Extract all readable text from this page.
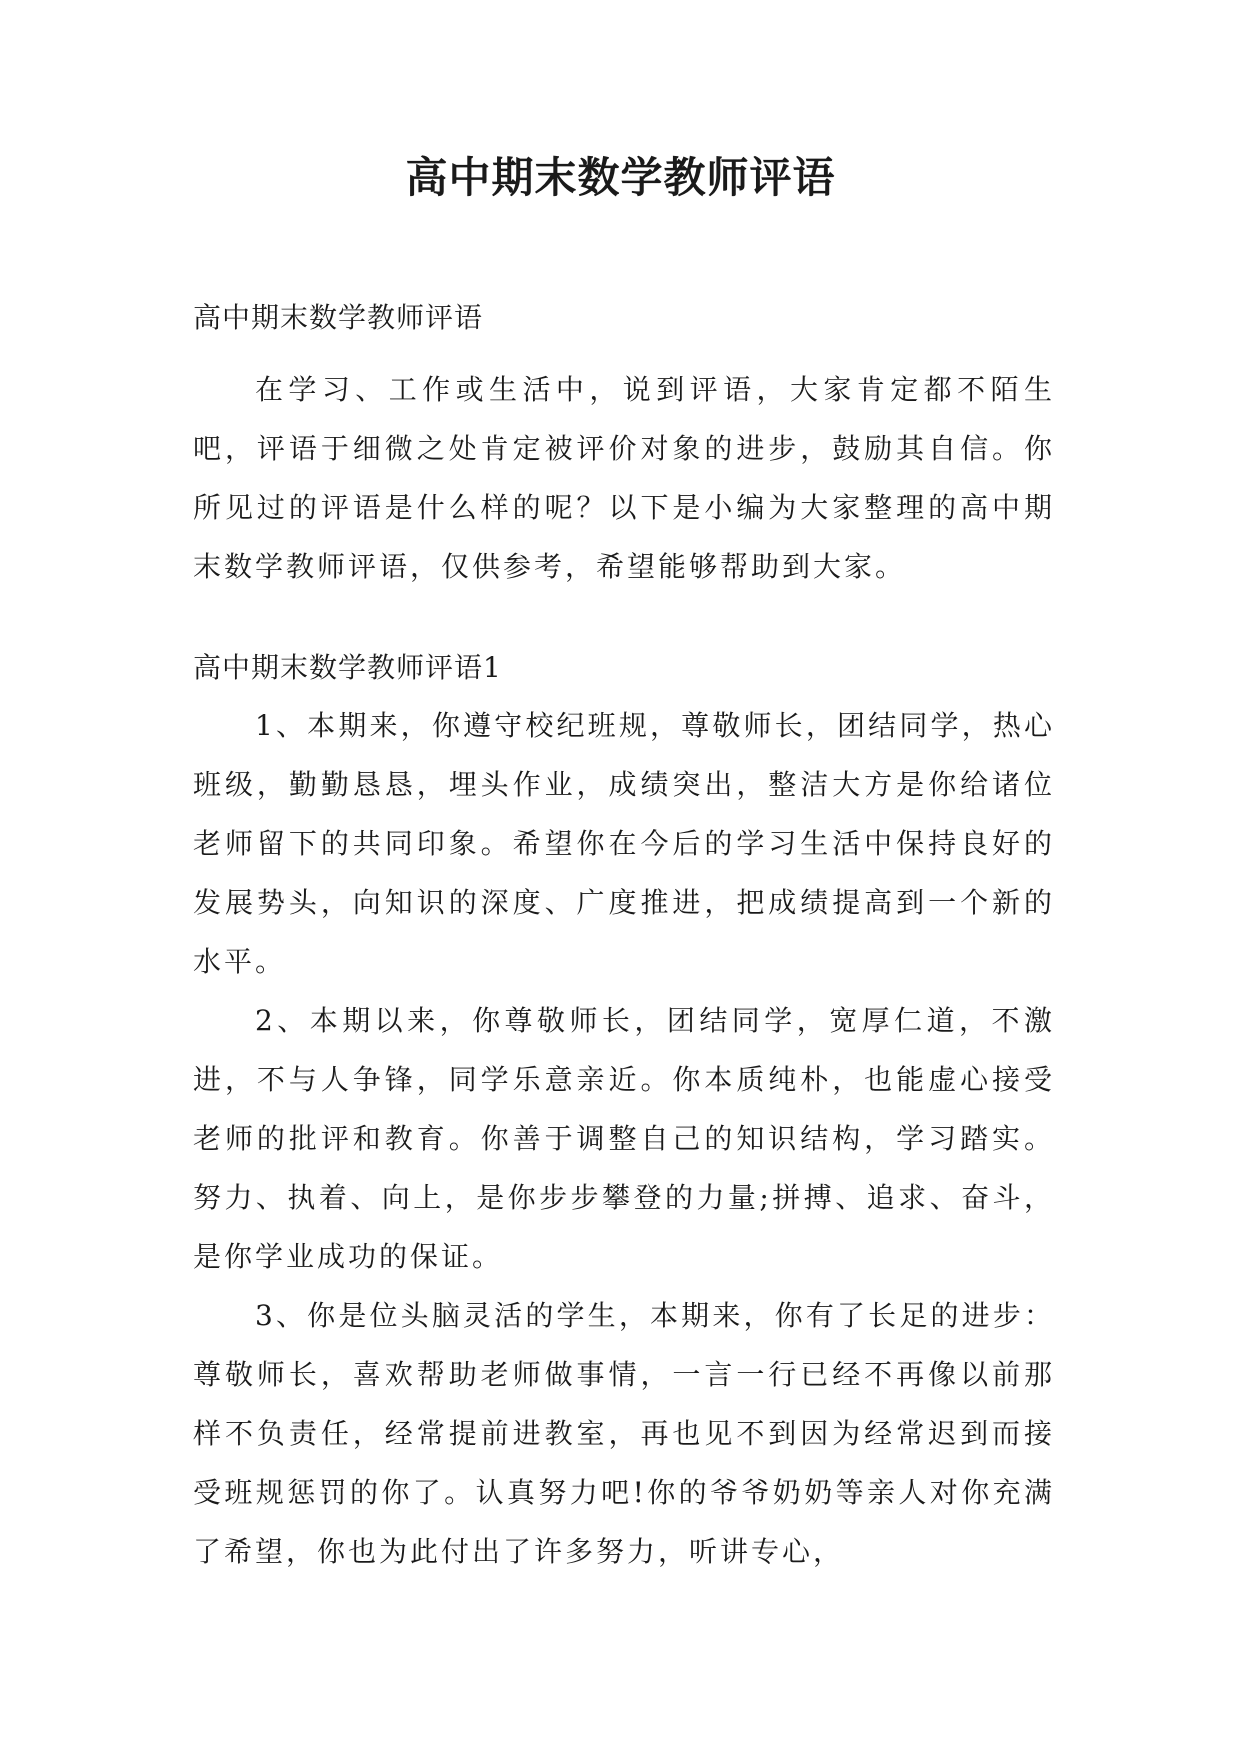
高中期末数学教师评语
高中期末数学教师评语

在学习、工作或生活中，说到评语，大家肯定都不陌生吧，评语于细微之处肯定被评价对象的进步，鼓励其自信。你所见过的评语是什么样的呢？以下是小编为大家整理的高中期末数学教师评语，仅供参考，希望能够帮助到大家。

高中期末数学教师评语1

1、本期来，你遵守校纪班规，尊敬师长，团结同学，热心班级，勤勤恳恳，埋头作业，成绩突出，整洁大方是你给诸位老师留下的共同印象。希望你在今后的学习生活中保持良好的发展势头，向知识的深度、广度推进，把成绩提高到一个新的水平。

2、本期以来，你尊敬师长，团结同学，宽厚仁道，不激进，不与人争锋，同学乐意亲近。你本质纯朴，也能虚心接受老师的批评和教育。你善于调整自己的知识结构，学习踏实。努力、执着、向上，是你步步攀登的力量;拼搏、追求、奋斗，是你学业成功的保证。

3、你是位头脑灵活的学生，本期来，你有了长足的进步：尊敬师长，喜欢帮助老师做事情，一言一行已经不再像以前那样不负责任，经常提前进教室，再也见不到因为经常迟到而接受班规惩罚的你了。认真努力吧!你的爷爷奶奶等亲人对你充满了希望，你也为此付出了许多努力，听讲专心，
